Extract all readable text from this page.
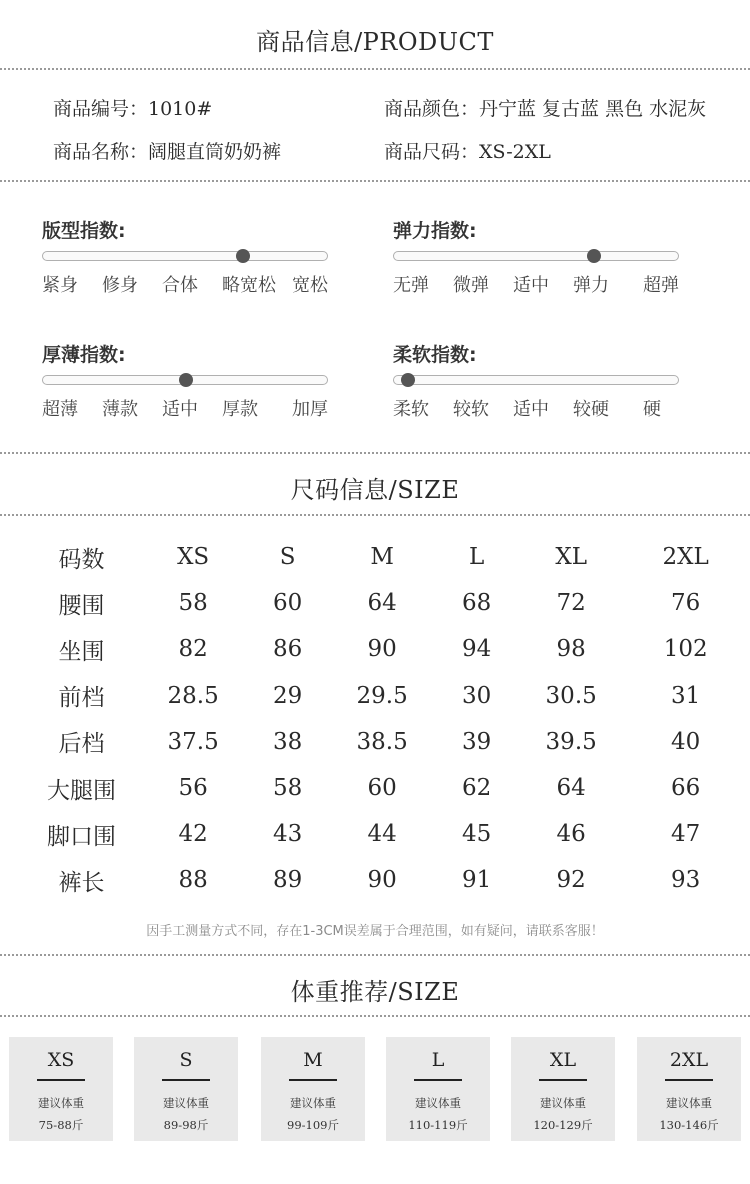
商品信息/PRODUCT
商品编号：1010#	商品颜色：丹宁蓝 复古蓝 黑色 水泥灰
商品名称：阔腿直筒奶奶裤	商品尺码：XS-2XL
版型指数:
紧身 修身 合体 略宽松 宽松
弹力指数:
无弹 微弹 适中 弹力 超弹
厚薄指数:
超薄 薄款 适中 厚款 加厚
柔软指数:
柔软 较软 适中 较硬 硬
尺码信息/SIZE
码数	XS	S	M	L	XL	2XL
腰围	58	60	64	68	72	76
坐围	82	86	90	94	98	102
前档	28.5	29	29.5	30	30.5	31
后档	37.5	38	38.5	39	39.5	40
大腿围	56	58	60	62	64	66
脚口围	42	43	44	45	46	47
裤长	88	89	90	91	92	93
因手工测量方式不同，存在1-3CM误差属于合理范围，如有疑问，请联系客服！
体重推荐/SIZE
XS
建议体重
75-88斤
S
建议体重
89-98斤
M
建议体重
99-109斤
L
建议体重
110-119斤
XL
建议体重
120-129斤
2XL
建议体重
130-146斤
